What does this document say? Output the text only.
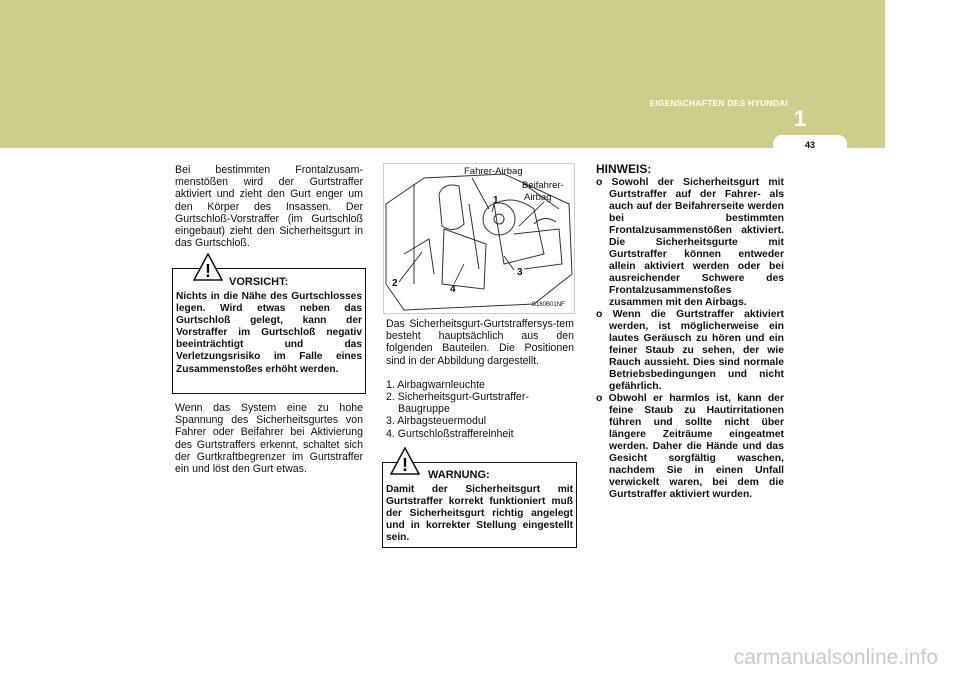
EIGENSCHAFTEN DES HYUNDAI
1
43

Bei bestimmten Frontalzusam-menstößen wird der Gurtstraffer aktiviert und zieht den Gurt enger um den Körper des Insassen. Der Gurtschloß-Vorstraffer (im Gurtschloß eingebaut) zieht den Sicherheitsgurt in das Gurtschloß.

!
VORSICHT:
Nichts in die Nähe des Gurtschlosses legen. Wird etwas neben das Gurtschloß gelegt, kann der Vorstraffer im Gurtschloß negativ beeinträchtigt und das Verletzungsrisiko im Falle eines Zusammenstoßes erhöht werden.

Wenn das System eine zu hohe Spannung des Sicherheitsgurtes von Fahrer oder Beifahrer bei Aktivierung des Gurtstraffers erkennt, schaltet sich der Gurtkraftbegrenzer im Gurtstraffer ein und löst den Gurt etwas.

Fahrer-Airbag
Beifahrer-
Airbag
1
2
3
4
B180B01NF

Das Sicherheitsgurt-Gurtstraffersys-tem besteht hauptsächlich aus den folgenden Bauteilen. Die Positionen sind in der Abbildung dargestellt.

1. Airbagwarnleuchte
2. Sicherheitsgurt-Gurtstraffer-Baugruppe
3. Airbagsteuermodul
4. Gurtschloßstraffereinheit
! WARNUNG:
Damit der Sicherheitsgurt mit Gurtstraffer korrekt funktioniert muß der Sicherheitsgurt richtig angelegt und in korrekter Stellung eingestellt sein.
HINWEIS:
o Sowohl der Sicherheitsgurt mit Gurtstraffer auf der Fahrer- als auch auf der Beifahrerseite werden bei bestimmten Frontalzusammenstößen aktiviert. Die Sicherheitsgurte mit Gurtstraffer können entweder allein aktiviert werden oder bei ausreichender Schwere des Frontalzusammenstoßes zusammen mit den Airbags.
o Wenn die Gurtstraffer aktiviert werden, ist möglicherweise ein lautes Geräusch zu hören und ein feiner Staub zu sehen, der wie Rauch aussieht. Dies sind normale Betriebsbedingungen und nicht gefährlich.
o Obwohl er harmlos ist, kann der feine Staub zu Hautirritationen führen und sollte nicht über längere Zeiträume eingeatmet werden. Daher die Hände und das Gesicht sorgfältig waschen, nachdem Sie in einen Unfall verwickelt waren, bei dem die Gurtstraffer aktiviert wurden.
carmanualsonline.info
